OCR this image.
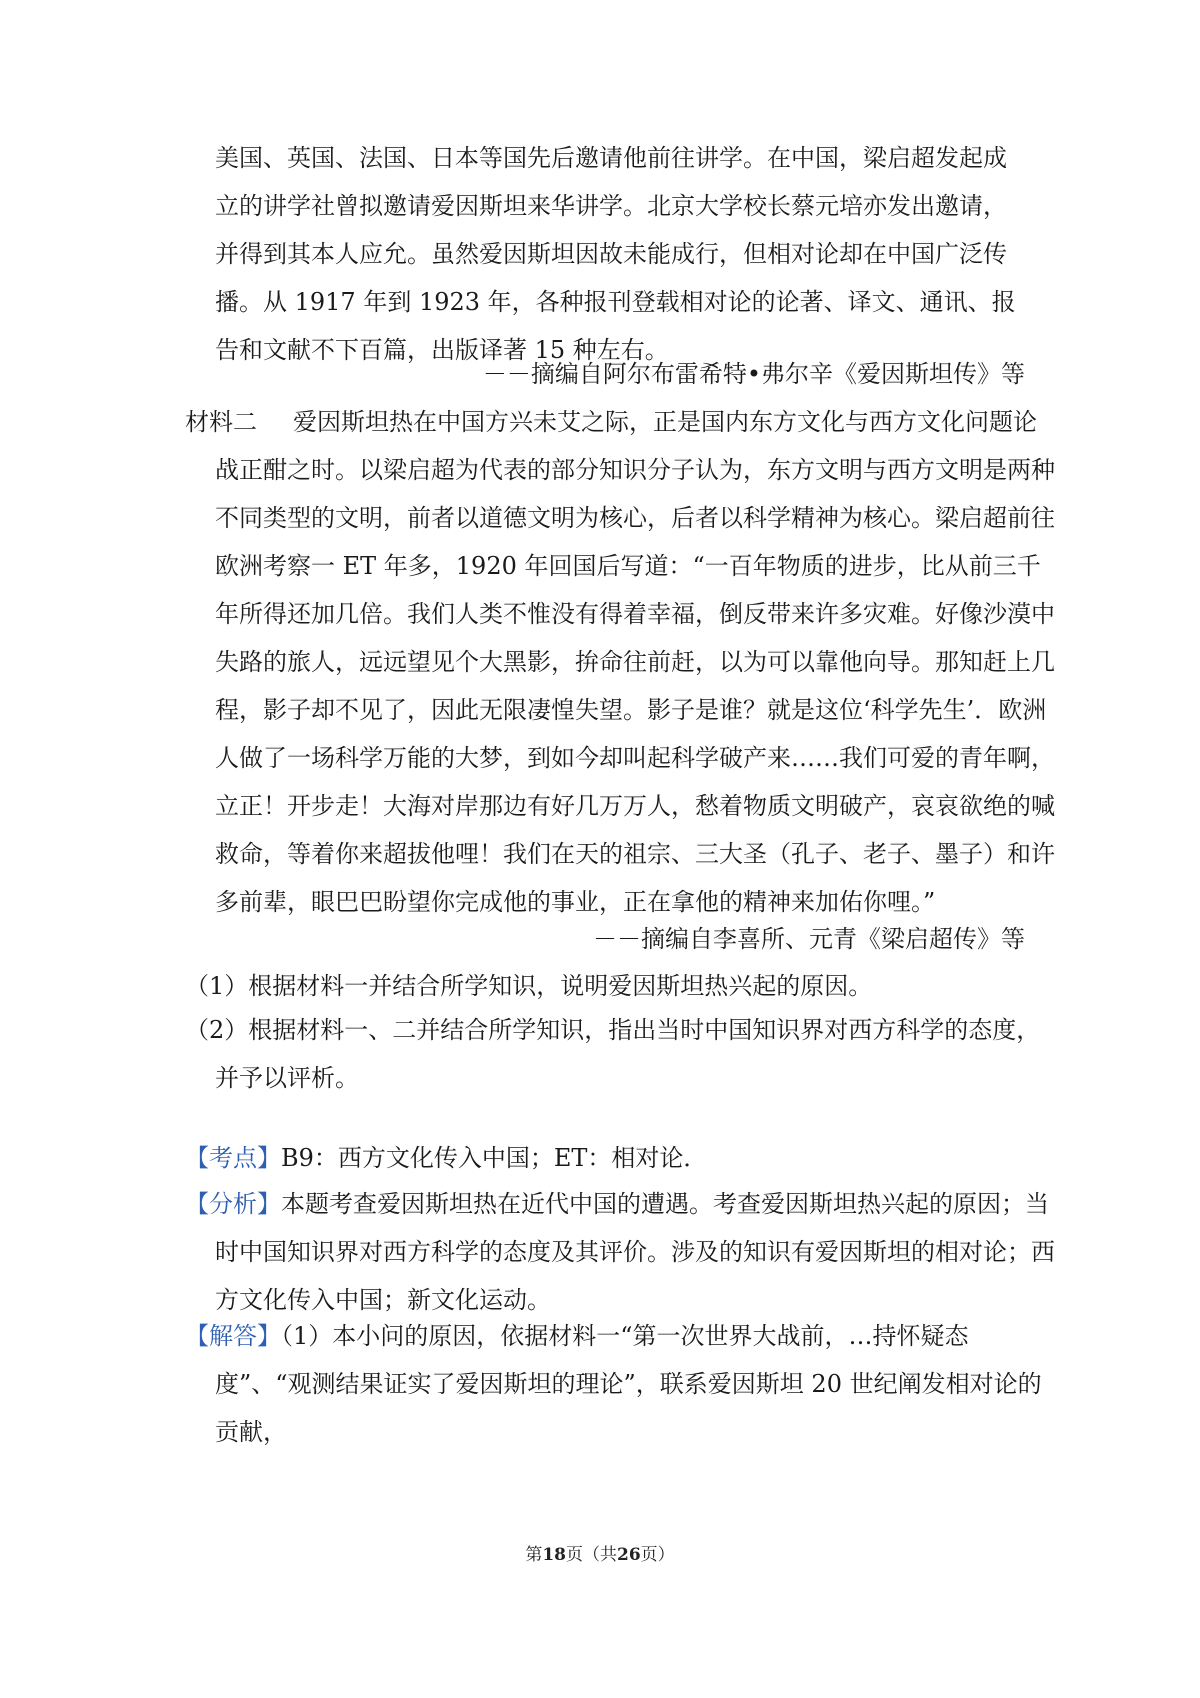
美国、英国、法国、日本等国先后邀请他前往讲学。在中国，梁启超发起成立的讲学社曾拟邀请爱因斯坦来华讲学。北京大学校长蔡元培亦发出邀请，并得到其本人应允。虽然爱因斯坦因故未能成行，但相对论却在中国广泛传播。从 1917 年到 1923 年，各种报刊登载相对论的论著、译文、通讯、报告和文献不下百篇，出版译著 15 种左右。

－－摘编自阿尔布雷希特•弗尔辛《爱因斯坦传》等

材料二 爱因斯坦热在中国方兴未艾之际，正是国内东方文化与西方文化问题论战正酣之时。以梁启超为代表的部分知识分子认为，东方文明与西方文明是两种不同类型的文明，前者以道德文明为核心，后者以科学精神为核心。梁启超前往欧洲考察一 ET 年多，1920 年回国后写道：“一百年物质的进步，比从前三千年所得还加几倍。我们人类不惟没有得着幸福，倒反带来许多灾难。好像沙漠中失路的旅人，远远望见个大黑影，拚命往前赶，以为可以靠他向导。那知赶上几程，影子却不见了，因此无限凄惶失望。影子是谁？就是这位‘科学先生’．欧洲人做了一场科学万能的大梦，到如今却叫起科学破产来……我们可爱的青年啊，立正！开步走！大海对岸那边有好几万万人，愁着物质文明破产，哀哀欲绝的喊救命，等着你来超拔他哩！我们在天的祖宗、三大圣（孔子、老子、墨子）和许多前辈，眼巴巴盼望你完成他的事业，正在拿他的精神来加佑你哩。”

－－摘编自李喜所、元青《梁启超传》等

（1）根据材料一并结合所学知识，说明爱因斯坦热兴起的原因。

（2）根据材料一、二并结合所学知识，指出当时中国知识界对西方科学的态度，并予以评析。

【考点】B9：西方文化传入中国；ET：相对论．

【分析】本题考查爱因斯坦热在近代中国的遭遇。考查爱因斯坦热兴起的原因；当时中国知识界对西方科学的态度及其评价。涉及的知识有爱因斯坦的相对论；西方文化传入中国；新文化运动。

【解答】（1）本小问的原因，依据材料一“第一次世界大战前，…持怀疑态度”、“观测结果证实了爱因斯坦的理论”，联系爱因斯坦 20 世纪阐发相对论的贡献，

第18页（共26页）
